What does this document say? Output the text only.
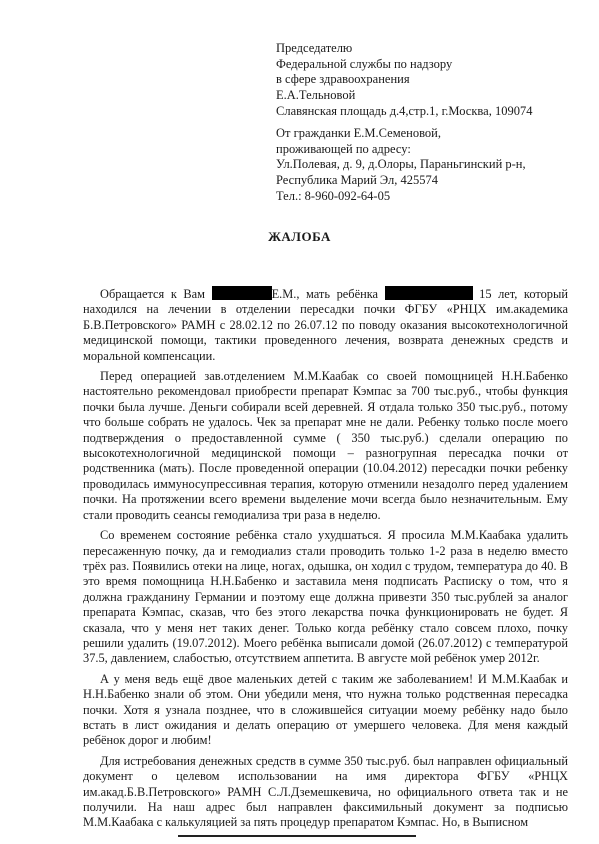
Председателю
Федеральной службы по надзору
в сфере здравоохранения
Е.А.Тельновой
Славянская площадь д.4,стр.1, г.Москва, 109074
От гражданки Е.М.Семеновой,
проживающей по адресу:
Ул.Полевая, д. 9, д.Олоры, Параньгинский р-н,
Республика Марий Эл, 425574
Тел.: 8-960-092-64-05
ЖАЛОБА

Обращается к Вам	Е.М., мать ребёнка	15 лет, который находился на лечении в отделении пересадки почки ФГБУ «РНЦХ им.академика Б.В.Петровского» РАМН с 28.02.12 по 26.07.12 по поводу оказания высокотехнологичной медицинской помощи, тактики проведенного лечения, возврата денежных средств и моральной компенсации.

Перед операцией зав.отделением М.М.Каабак со своей помощницей Н.Н.Бабенко настоятельно рекомендовал приобрести препарат Кэмпас за 700 тыс.руб., чтобы функция почки была лучше. Деньги собирали всей деревней. Я отдала только 350 тыс.руб., потому что больше собрать не удалось. Чек за препарат мне не дали. Ребенку только после моего подтверждения о предоставленной сумме ( 350 тыс.руб.) сделали операцию по высокотехнологичной медицинской помощи – разногрупная пересадка почки от родственника (мать). После проведенной операции (10.04.2012) пересадки почки ребенку проводилась иммуносупрессивная терапия, которую отменили незадолго перед удалением почки. На протяжении всего времени выделение мочи всегда было незначительным. Ему стали проводить сеансы гемодиализа три раза в неделю.

Со временем состояние ребёнка стало ухудшаться. Я просила М.М.Каабака удалить пересаженную почку, да и гемодиализ стали проводить только 1-2 раза в неделю вместо трёх раз. Появились отеки на лице, ногах, одышка, он ходил с трудом, температура до 40. В это время помощница Н.Н.Бабенко и заставила меня подписать Расписку о том, что я должна гражданину Германии и поэтому еще должна привезти 350 тыс.рублей за аналог препарата Кэмпас, сказав, что без этого лекарства почка функционировать не будет. Я сказала, что у меня нет таких денег. Только когда ребёнку стало совсем плохо, почку решили удалить (19.07.2012). Моего ребёнка выписали домой (26.07.2012) с температурой 37.5, давлением, слабостью, отсутствием аппетита. В августе мой ребёнок умер 2012г.

А у меня ведь ещё двое маленьких детей с таким же заболеванием! И М.М.Каабак и Н.Н.Бабенко знали об этом. Они убедили меня, что нужна только родственная пересадка почки. Хотя я узнала позднее, что в сложившейся ситуации моему ребёнку надо было встать в лист ожидания и делать операцию от умершего человека. Для меня каждый ребёнок дорог и любим!

Для истребования денежных средств в сумме 350 тыс.руб. был направлен официальный документ о целевом использовании на имя директора ФГБУ «РНЦХ им.акад.Б.В.Петровского» РАМН С.Л.Дземешкевича, но официального ответа так и не получили. На наш адрес был направлен факсимильный документ за подписью М.М.Каабака с калькуляцией за пять процедур препаратом Кэмпас. Но, в Выписном
